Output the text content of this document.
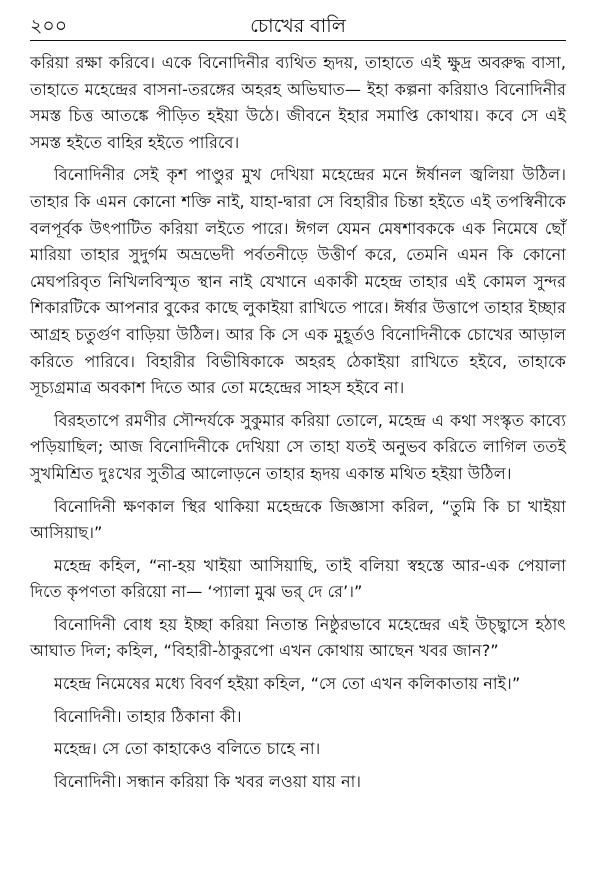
২০০	চোখের বালি

করিয়া রক্ষা করিবে। একে বিনোদিনীর ব্যথিত হৃদয়, তাহাতে এই ক্ষুদ্র অবরুদ্ধ বাসা, তাহাতে মহেন্দ্রের বাসনা-তরঙ্গের অহরহ অভিঘাত— ইহা কল্পনা করিয়াও বিনোদিনীর সমস্ত চিত্ত আতঙ্কে পীড়িত হইয়া উঠে। জীবনে ইহার সমাপ্তি কোথায়। কবে সে এই সমস্ত হইতে বাহির হইতে পারিবে।

বিনোদিনীর সেই কৃশ পাণ্ডুর মুখ দেখিয়া মহেন্দ্রের মনে ঈর্ষানল জ্বলিয়া উঠিল। তাহার কি এমন কোনো শক্তি নাই, যাহা-দ্বারা সে বিহারীর চিন্তা হইতে এই তপস্বিনীকে বলপূর্বক উৎপাটিত করিয়া লইতে পারে। ঈগল যেমন মেষশাবককে এক নিমেষে ছোঁ মারিয়া তাহার সুদুর্গম অভ্রভেদী পর্বতনীড়ে উত্তীর্ণ করে, তেমনি এমন কি কোনো মেঘপরিবৃত নিখিলবিস্মৃত স্থান নাই যেখানে একাকী মহেন্দ্র তাহার এই কোমল সুন্দর শিকারটিকে আপনার বুকের কাছে লুকাইয়া রাখিতে পারে। ঈর্ষার উত্তাপে তাহার ইচ্ছার আগ্রহ চতুর্গুণ বাড়িয়া উঠিল। আর কি সে এক মুহূর্তও বিনোদিনীকে চোখের আড়াল করিতে পারিবে। বিহারীর বিভীষিকাকে অহরহ ঠেকাইয়া রাখিতে হইবে, তাহাকে সূচ্যগ্রমাত্র অবকাশ দিতে আর তো মহেন্দ্রের সাহস হইবে না।

বিরহতাপে রমণীর সৌন্দর্যকে সুকুমার করিয়া তোলে, মহেন্দ্র এ কথা সংস্কৃত কাব্যে পড়িয়াছিল; আজ বিনোদিনীকে দেখিয়া সে তাহা যতই অনুভব করিতে লাগিল ততই সুখমিশ্রিত দুঃখের সুতীব্র আলোড়নে তাহার হৃদয় একান্ত মথিত হইয়া উঠিল।

বিনোদিনী ক্ষণকাল স্থির থাকিয়া মহেন্দ্রকে জিজ্ঞাসা করিল, “তুমি কি চা খাইয়া আসিয়াছ।”

মহেন্দ্র কহিল, “না-হয় খাইয়া আসিয়াছি, তাই বলিয়া স্বহস্তে আর-এক পেয়ালা দিতে কৃপণতা করিয়ো না— ‘প্যালা মুঝ ভর্ দে রে’।”

বিনোদিনী বোধ হয় ইচ্ছা করিয়া নিতান্ত নিষ্ঠুরভাবে মহেন্দ্রের এই উচ্ছ্বাসে হঠাৎ আঘাত দিল; কহিল, “বিহারী-ঠাকুরপো এখন কোথায় আছেন খবর জান?”

মহেন্দ্র নিমেষের মধ্যে বিবর্ণ হইয়া কহিল, “সে তো এখন কলিকাতায় নাই।”

বিনোদিনী। তাহার ঠিকানা কী।

মহেন্দ্র। সে তো কাহাকেও বলিতে চাহে না।

বিনোদিনী। সন্ধান করিয়া কি খবর লওয়া যায় না।
